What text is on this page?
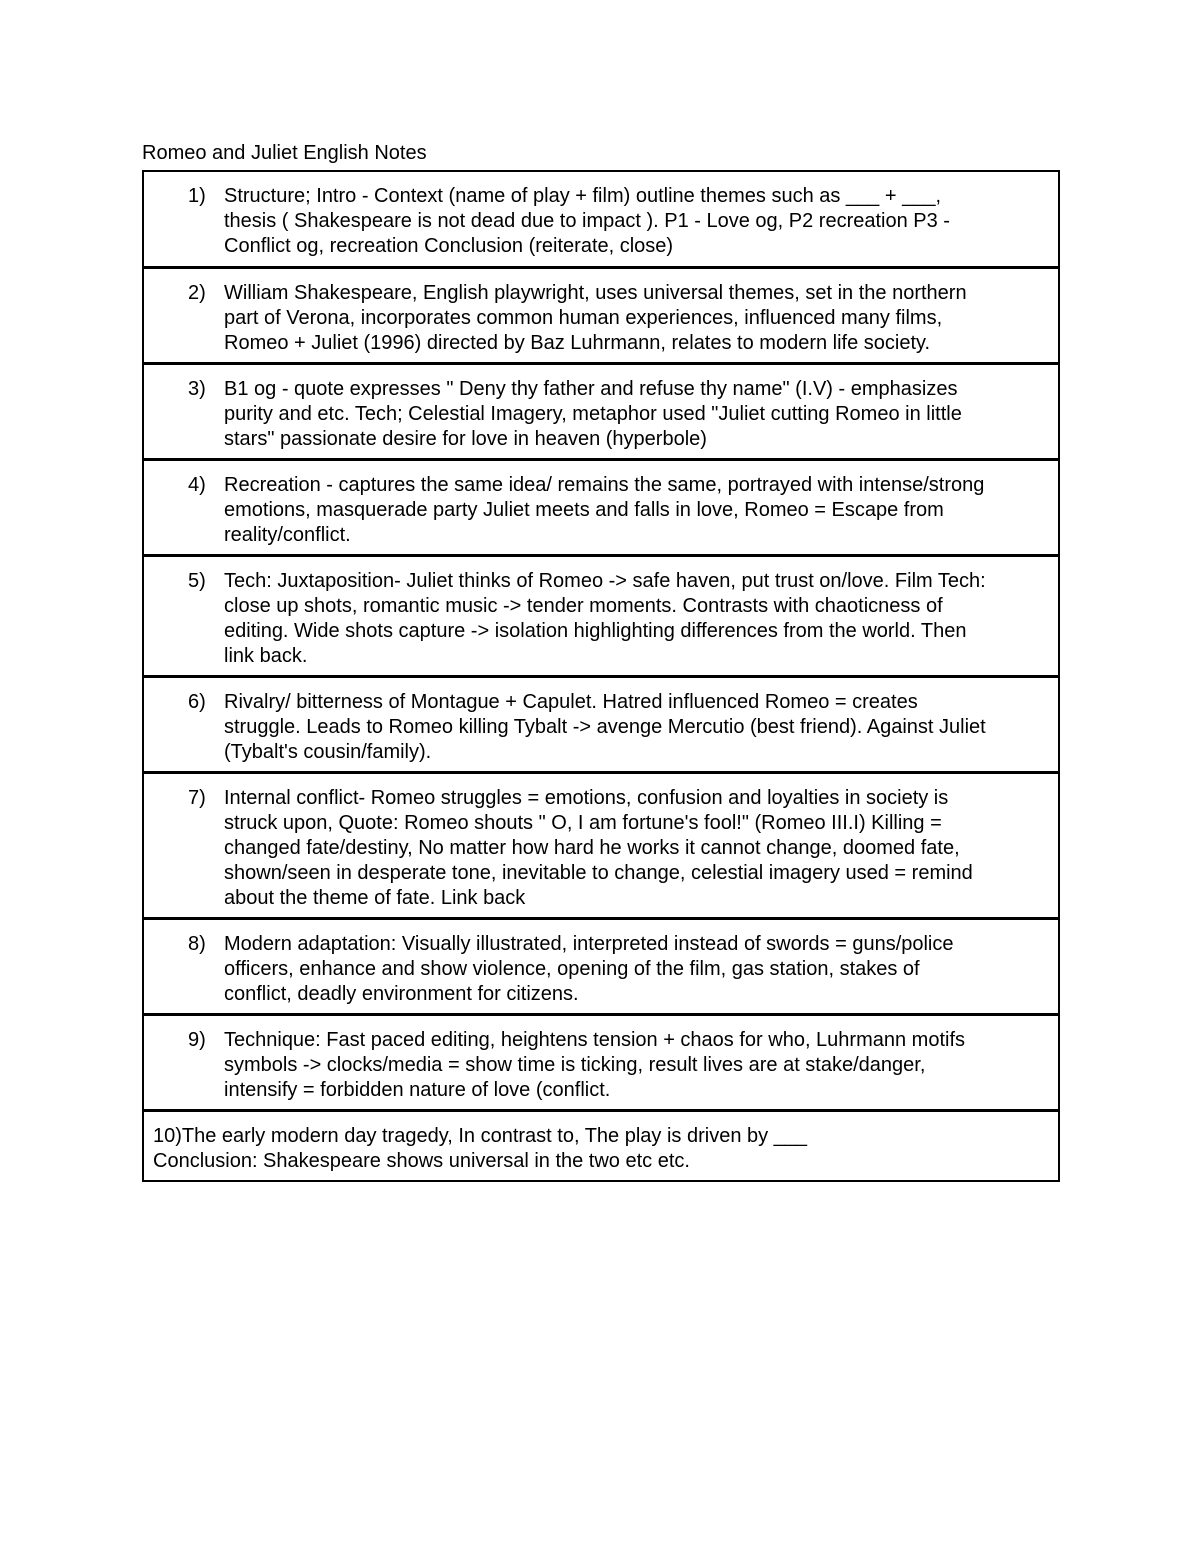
Romeo and Juliet English Notes
1) Structure; Intro - Context (name of play + film) outline themes such as ___ + ___,
thesis ( Shakespeare is not dead due to impact ). P1 - Love og, P2 recreation P3 -
Conflict og, recreation Conclusion (reiterate, close)
2) William Shakespeare, English playwright, uses universal themes, set in the northern
part of Verona, incorporates common human experiences, influenced many films,
Romeo + Juliet (1996) directed by Baz Luhrmann, relates to modern life society.
3) B1 og - quote expresses " Deny thy father and refuse thy name" (I.V) - emphasizes
purity and etc. Tech; Celestial Imagery, metaphor used "Juliet cutting Romeo in little
stars" passionate desire for love in heaven (hyperbole)
4) Recreation - captures the same idea/ remains the same, portrayed with intense/strong
emotions, masquerade party Juliet meets and falls in love, Romeo = Escape from
reality/conflict.
5) Tech: Juxtaposition- Juliet thinks of Romeo -> safe haven, put trust on/love. Film Tech:
close up shots, romantic music -> tender moments. Contrasts with chaoticness of
editing. Wide shots capture -> isolation highlighting differences from the world. Then
link back.
6) Rivalry/ bitterness of Montague + Capulet. Hatred influenced Romeo = creates
struggle. Leads to Romeo killing Tybalt -> avenge Mercutio (best friend). Against Juliet
(Tybalt's cousin/family).
7) Internal conflict- Romeo struggles = emotions, confusion and loyalties in society is
struck upon, Quote: Romeo shouts " O, I am fortune's fool!" (Romeo III.I) Killing =
changed fate/destiny, No matter how hard he works it cannot change, doomed fate,
shown/seen in desperate tone, inevitable to change, celestial imagery used = remind
about the theme of fate. Link back
8) Modern adaptation: Visually illustrated, interpreted instead of swords = guns/police
officers, enhance and show violence, opening of the film, gas station, stakes of
conflict, deadly environment for citizens.
9) Technique: Fast paced editing, heightens tension + chaos for who, Luhrmann motifs
symbols -> clocks/media = show time is ticking, result lives are at stake/danger,
intensify = forbidden nature of love (conflict.
10)The early modern day tragedy, In contrast to, The play is driven by ___
Conclusion: Shakespeare shows universal in the two etc etc.
